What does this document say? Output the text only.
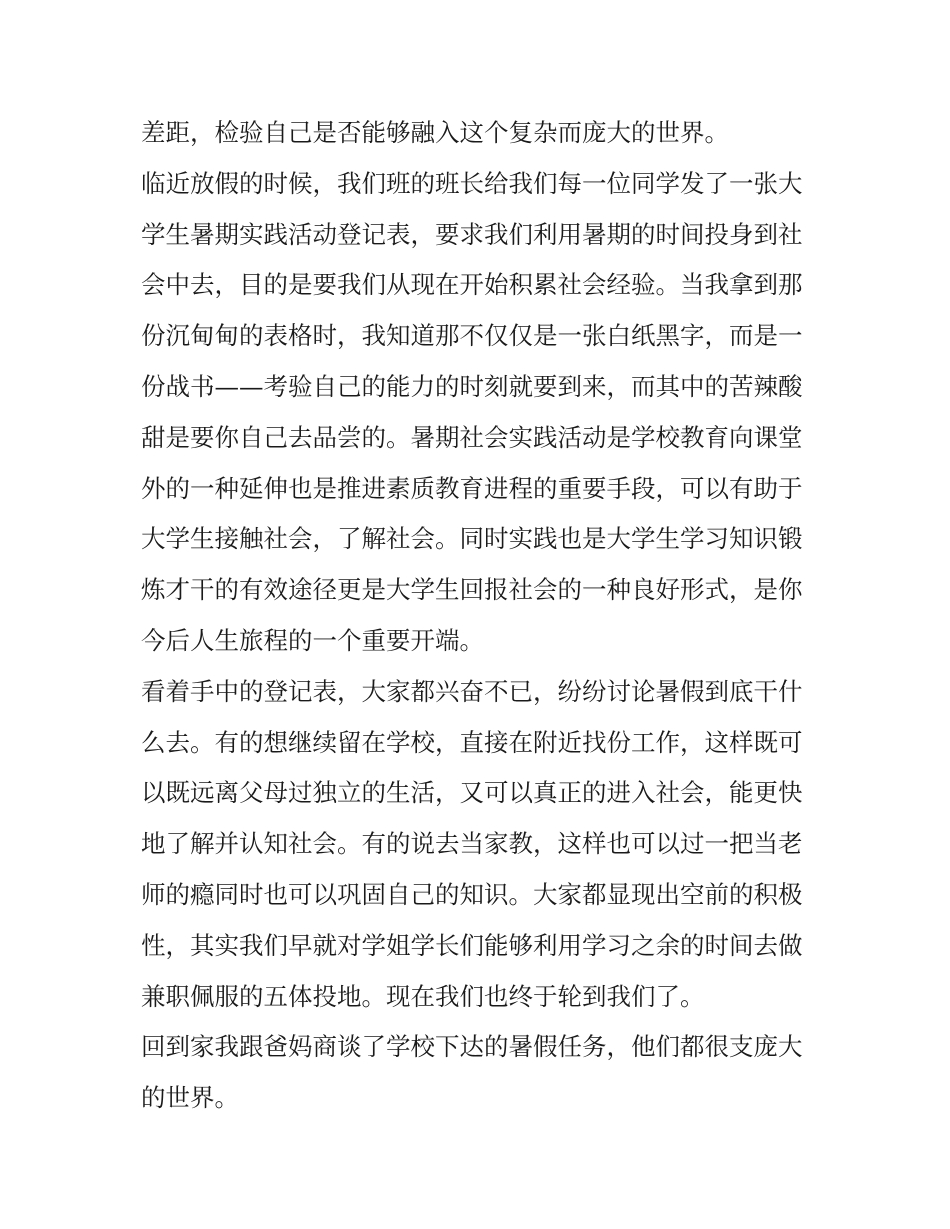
差距，检验自己是否能够融入这个复杂而庞大的世界。
临近放假的时候，我们班的班长给我们每一位同学发了一张大
学生暑期实践活动登记表，要求我们利用暑期的时间投身到社
会中去，目的是要我们从现在开始积累社会经验。当我拿到那
份沉甸甸的表格时，我知道那不仅仅是一张白纸黑字，而是一
份战书——考验自己的能力的时刻就要到来，而其中的苦辣酸
甜是要你自己去品尝的。暑期社会实践活动是学校教育向课堂
外的一种延伸也是推进素质教育进程的重要手段，可以有助于
大学生接触社会，了解社会。同时实践也是大学生学习知识锻
炼才干的有效途径更是大学生回报社会的一种良好形式，是你
今后人生旅程的一个重要开端。
看着手中的登记表，大家都兴奋不已，纷纷讨论暑假到底干什
么去。有的想继续留在学校，直接在附近找份工作，这样既可
以既远离父母过独立的生活，又可以真正的进入社会，能更快
地了解并认知社会。有的说去当家教，这样也可以过一把当老
师的瘾同时也可以巩固自己的知识。大家都显现出空前的积极
性，其实我们早就对学姐学长们能够利用学习之余的时间去做
兼职佩服的五体投地。现在我们也终于轮到我们了。
回到家我跟爸妈商谈了学校下达的暑假任务，他们都很支庞大
的世界。
